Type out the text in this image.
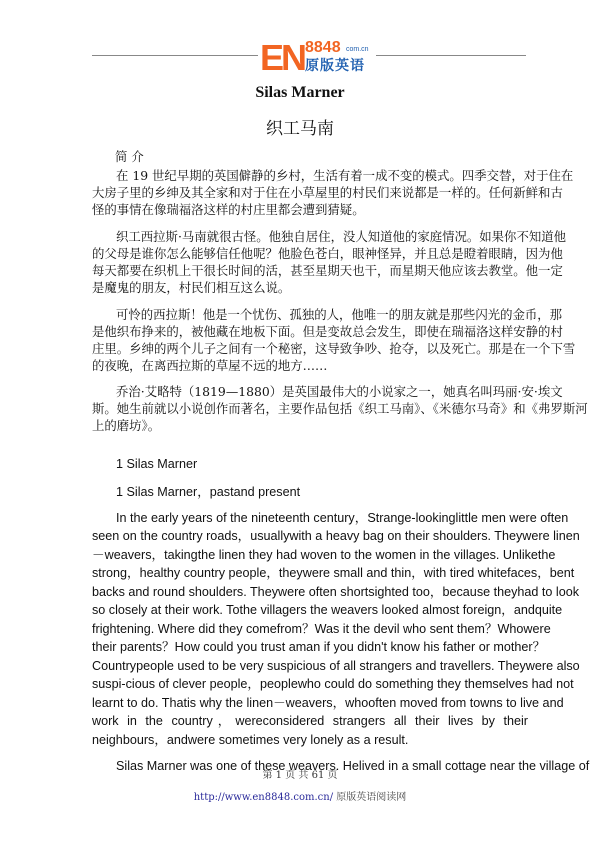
EN 8848 com.cn
原版英语
Silas Marner
织工马南
简 介
在 19 世纪早期的英国僻静的乡村，生活有着一成不变的模式。四季交替，对于住在
大房子里的乡绅及其全家和对于住在小草屋里的村民们来说都是一样的。任何新鲜和古
怪的事情在像瑞福洛这样的村庄里都会遭到猜疑。
织工西拉斯·马南就很古怪。他独自居住，没人知道他的家庭情况。如果你不知道他
的父母是谁你怎么能够信任他呢？他脸色苍白，眼神怪异，并且总是瞪着眼睛，因为他
每天都要在织机上干很长时间的活，甚至星期天也干，而星期天他应该去教堂。他一定
是魔鬼的朋友，村民们相互这么说。
可怜的西拉斯！他是一个忧伤、孤独的人，他唯一的朋友就是那些闪光的金币，那
是他织布挣来的，被他藏在地板下面。但是变故总会发生，即使在瑞福洛这样安静的村
庄里。乡绅的两个儿子之间有一个秘密，这导致争吵、抢夺，以及死亡。那是在一个下雪
的夜晚，在离西拉斯的草屋不远的地方……
乔治·艾略特（1819—1880）是英国最伟大的小说家之一，她真名叫玛丽·安·埃文
斯。她生前就以小说创作而著名，主要作品包括《织工马南》、《米德尔马奇》和《弗罗斯河
上的磨坊》。
1 Silas Marner
1 Silas Marner，pastand present
In the early years of the nineteenth century，Strange-lookinglittle men were often
seen on the country roads，usuallywith a heavy bag on their shoulders. Theywere linen
－weavers，takingthe linen they had woven to the women in the villages. Unlikethe
strong，healthy country people，theywere small and thin，with tired whitefaces，bent
backs and round shoulders. Theywere often shortsighted too，because theyhad to look
so closely at their work. Tothe villagers the weavers looked almost foreign，andquite
frightening. Where did they comefrom？Was it the devil who sent them？Whowere
their parents？How could you trust aman if you didn't know his father or mother？
Countrypeople used to be very suspicious of all strangers and travellers. Theywere also
suspi-cious of clever people，peoplewho could do something they themselves had not
learnt to do. Thatis why the linen－weavers，whooften moved from towns to live and
work in the country，wereconsidered strangers all their lives by their
neighbours，andwere sometimes very lonely as a result.
Silas Marner was one of these weavers. Helived in a small cottage near the village of
第 1 页 共 61 页
http://www.en8848.com.cn/ 原版英语阅读网
